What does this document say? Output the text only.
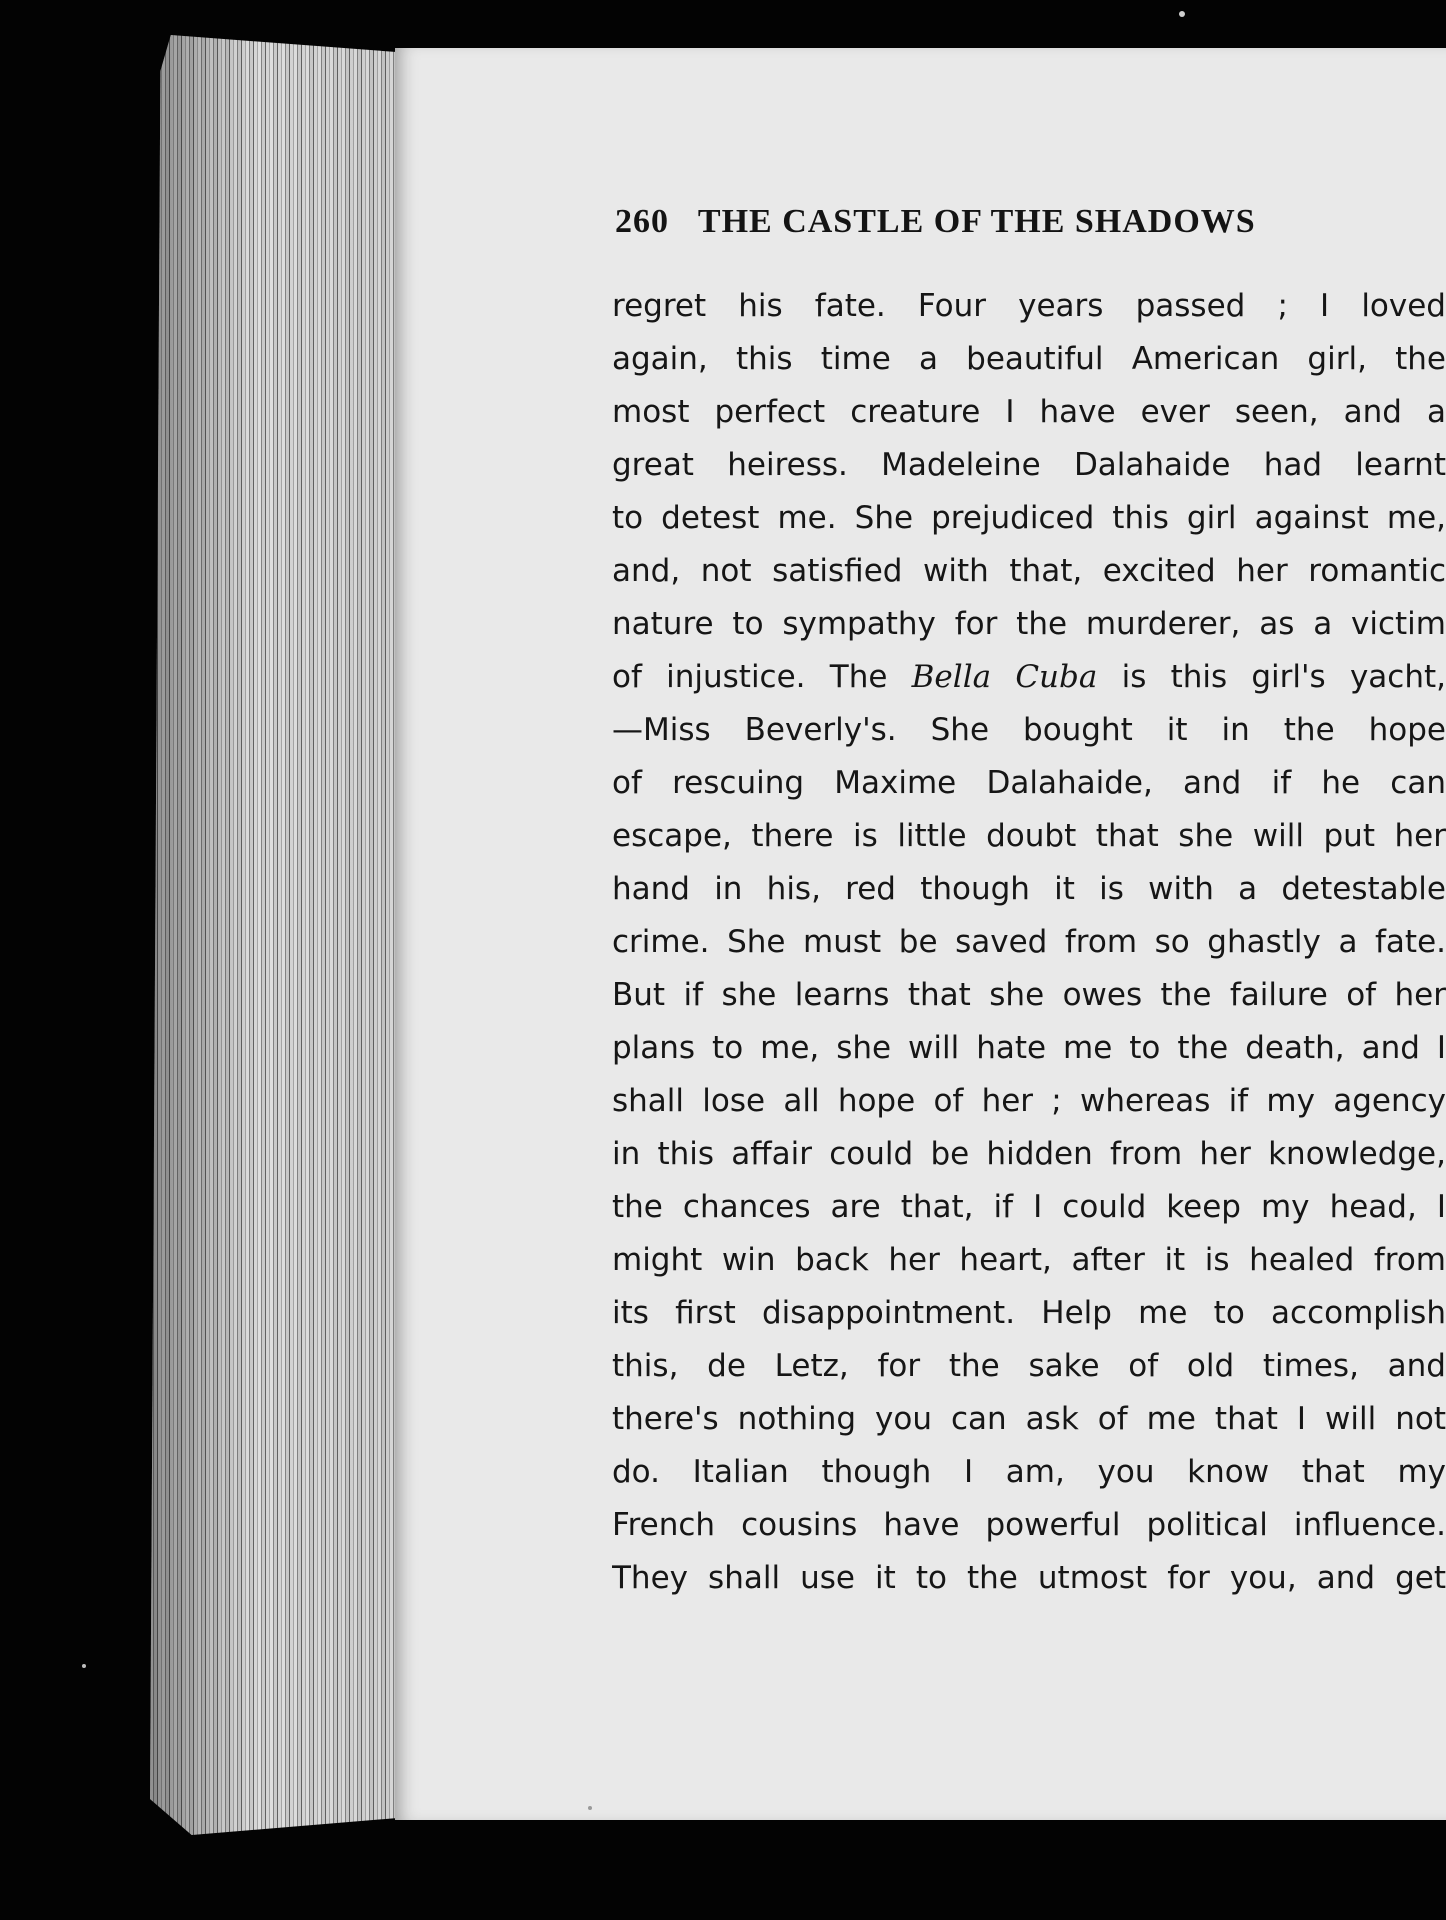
260 THE CASTLE OF THE SHADOWS
regret his fate. Four years passed ; I loved
again, this time a beautiful American girl, the
most perfect creature I have ever seen, and a
great heiress. Madeleine Dalahaide had learnt
to detest me. She prejudiced this girl against me,
and, not satisfied with that, excited her romantic
nature to sympathy for the murderer, as a victim
of injustice. The Bella Cuba is this girl's yacht,
—Miss Beverly's. She bought it in the hope
of rescuing Maxime Dalahaide, and if he can
escape, there is little doubt that she will put her
hand in his, red though it is with a detestable
crime. She must be saved from so ghastly a fate.
But if she learns that she owes the failure of her
plans to me, she will hate me to the death, and I
shall lose all hope of her ; whereas if my agency
in this affair could be hidden from her knowledge,
the chances are that, if I could keep my head, I
might win back her heart, after it is healed from
its first disappointment. Help me to accomplish
this, de Letz, for the sake of old times, and
there's nothing you can ask of me that I will not
do. Italian though I am, you know that my
French cousins have powerful political influence.
They shall use it to the utmost for you, and get
